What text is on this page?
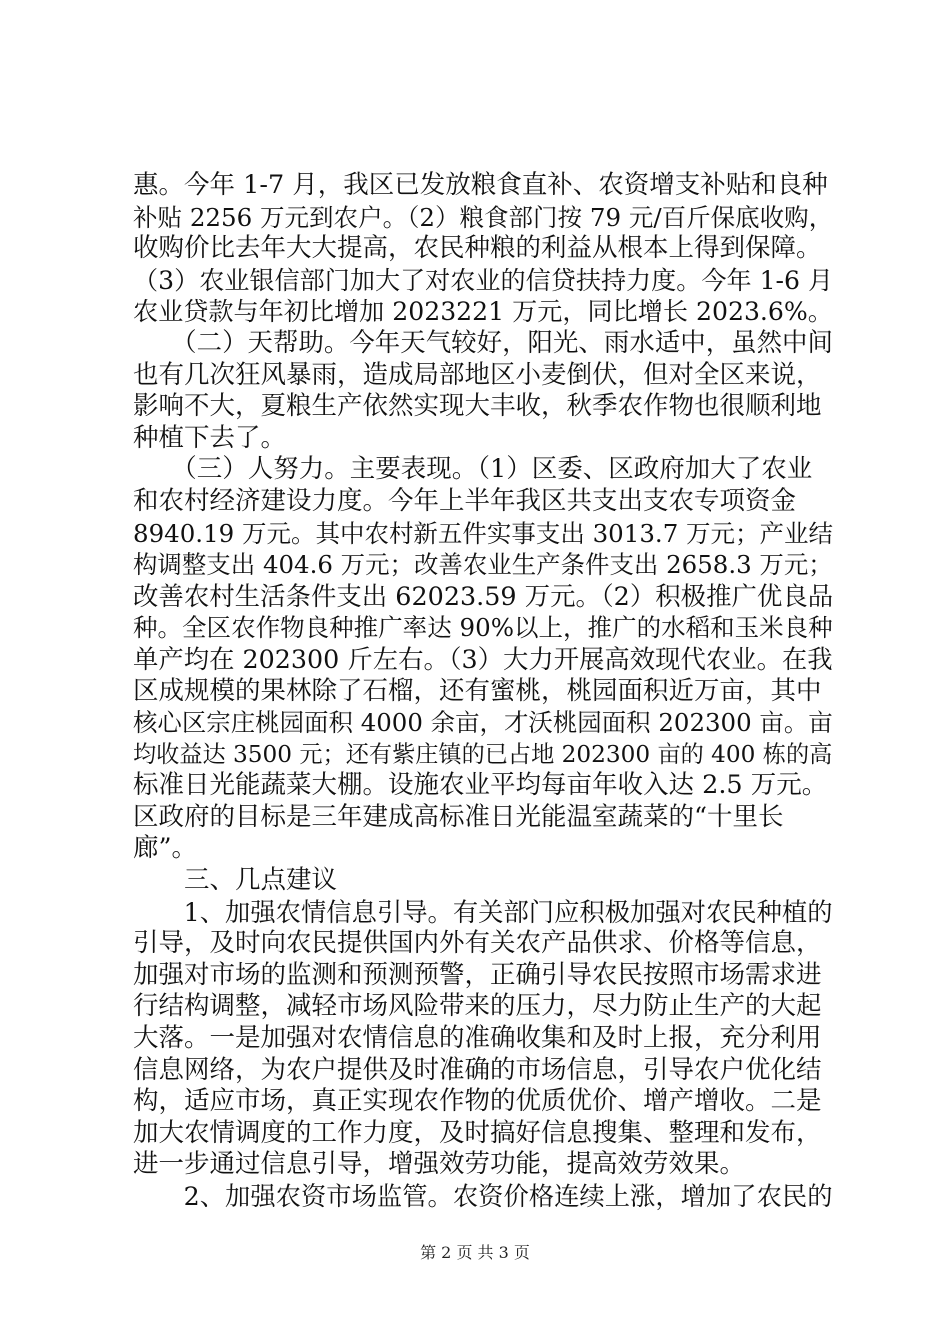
惠。今年 1-7 月，我区已发放粮食直补、农资增支补贴和良种
补贴 2256 万元到农户。（2）粮食部门按 79 元/百斤保底收购，
收购价比去年大大提高，农民种粮的利益从根本上得到保障。
（3）农业银信部门加大了对农业的信贷扶持力度。今年 1-6 月
农业贷款与年初比增加 2023221 万元，同比增长 2023.6%。
　　（二）天帮助。今年天气较好，阳光、雨水适中，虽然中间
也有几次狂风暴雨，造成局部地区小麦倒伏，但对全区来说，
影响不大，夏粮生产依然实现大丰收，秋季农作物也很顺利地
种植下去了。
　　（三）人努力。主要表现。（1）区委、区政府加大了农业
和农村经济建设力度。今年上半年我区共支出支农专项资金
8940.19 万元。其中农村新五件实事支出 3013.7 万元；产业结
构调整支出 404.6 万元；改善农业生产条件支出 2658.3 万元；
改善农村生活条件支出 62023.59 万元。（2）积极推广优良品
种。全区农作物良种推广率达 90%以上，推广的水稻和玉米良种
单产均在 202300 斤左右。（3）大力开展高效现代农业。在我
区成规模的果林除了石榴，还有蜜桃，桃园面积近万亩，其中
核心区宗庄桃园面积 4000 余亩，才沃桃园面积 202300 亩。亩
均收益达 3500 元；还有紫庄镇的已占地 202300 亩的 400 栋的高
标准日光能蔬菜大棚。设施农业平均每亩年收入达 2.5 万元。
区政府的目标是三年建成高标准日光能温室蔬菜的“十里长
廊”。
　　三、几点建议
　　1、加强农情信息引导。有关部门应积极加强对农民种植的
引导，及时向农民提供国内外有关农产品供求、价格等信息，
加强对市场的监测和预测预警，正确引导农民按照市场需求进
行结构调整，减轻市场风险带来的压力，尽力防止生产的大起
大落。一是加强对农情信息的准确收集和及时上报，充分利用
信息网络，为农户提供及时准确的市场信息，引导农户优化结
构，适应市场，真正实现农作物的优质优价、增产增收。二是
加大农情调度的工作力度，及时搞好信息搜集、整理和发布，
进一步通过信息引导，增强效劳功能，提高效劳效果。
　　2、加强农资市场监管。农资价格连续上涨，增加了农民的
第 2 页 共 3 页
